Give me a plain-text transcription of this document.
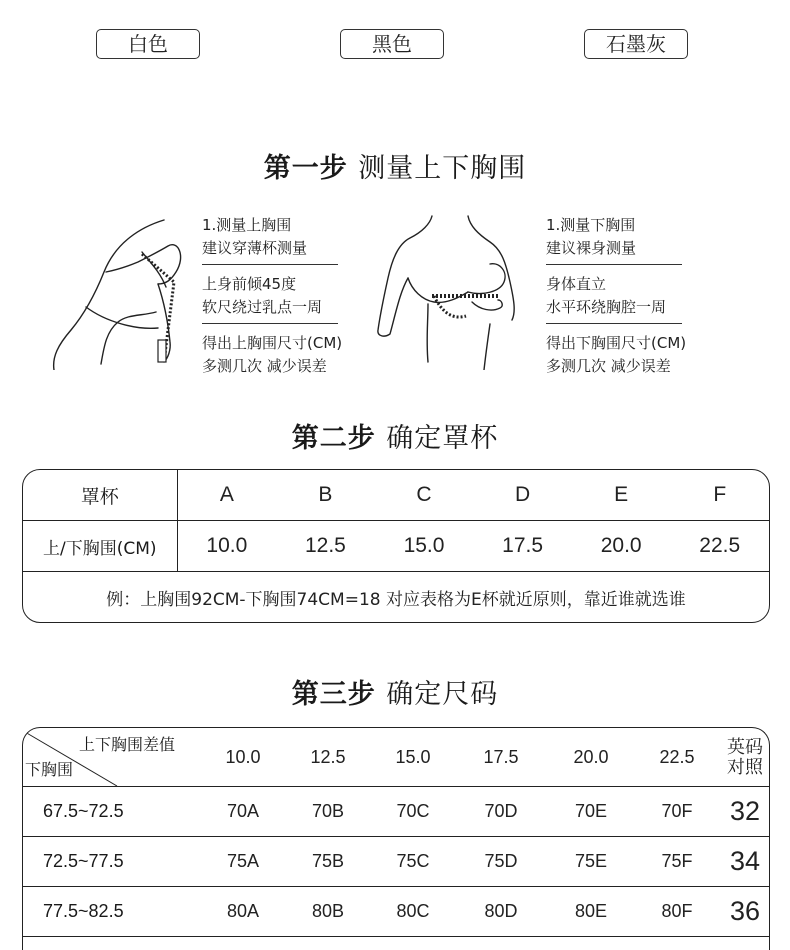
白色	黑色	石墨灰
第一步 测量上下胸围
1.测量上胸围
建议穿薄杯测量
上身前倾45度
软尺绕过乳点一周
得出上胸围尺寸(CM)
多测几次 减少误差
1.测量下胸围
建议裸身测量
身体直立
水平环绕胸腔一周
得出下胸围尺寸(CM)
多测几次 减少误差
第二步 确定罩杯
罩杯	A	B	C	D	E	F
上/下胸围(CM)	10.0	12.5	15.0	17.5	20.0	22.5
例：上胸围92CM-下胸围74CM=18 对应表格为E杯就近原则，靠近谁就选谁
第三步 确定尺码
上下胸围差值
下胸围
10.0	12.5	15.0	17.5	20.0	22.5	英码
对照
67.5~72.5	70A	70B	70C	70D	70E	70F	32
72.5~77.5	75A	75B	75C	75D	75E	75F	34
77.5~82.5	80A	80B	80C	80D	80E	80F	36
